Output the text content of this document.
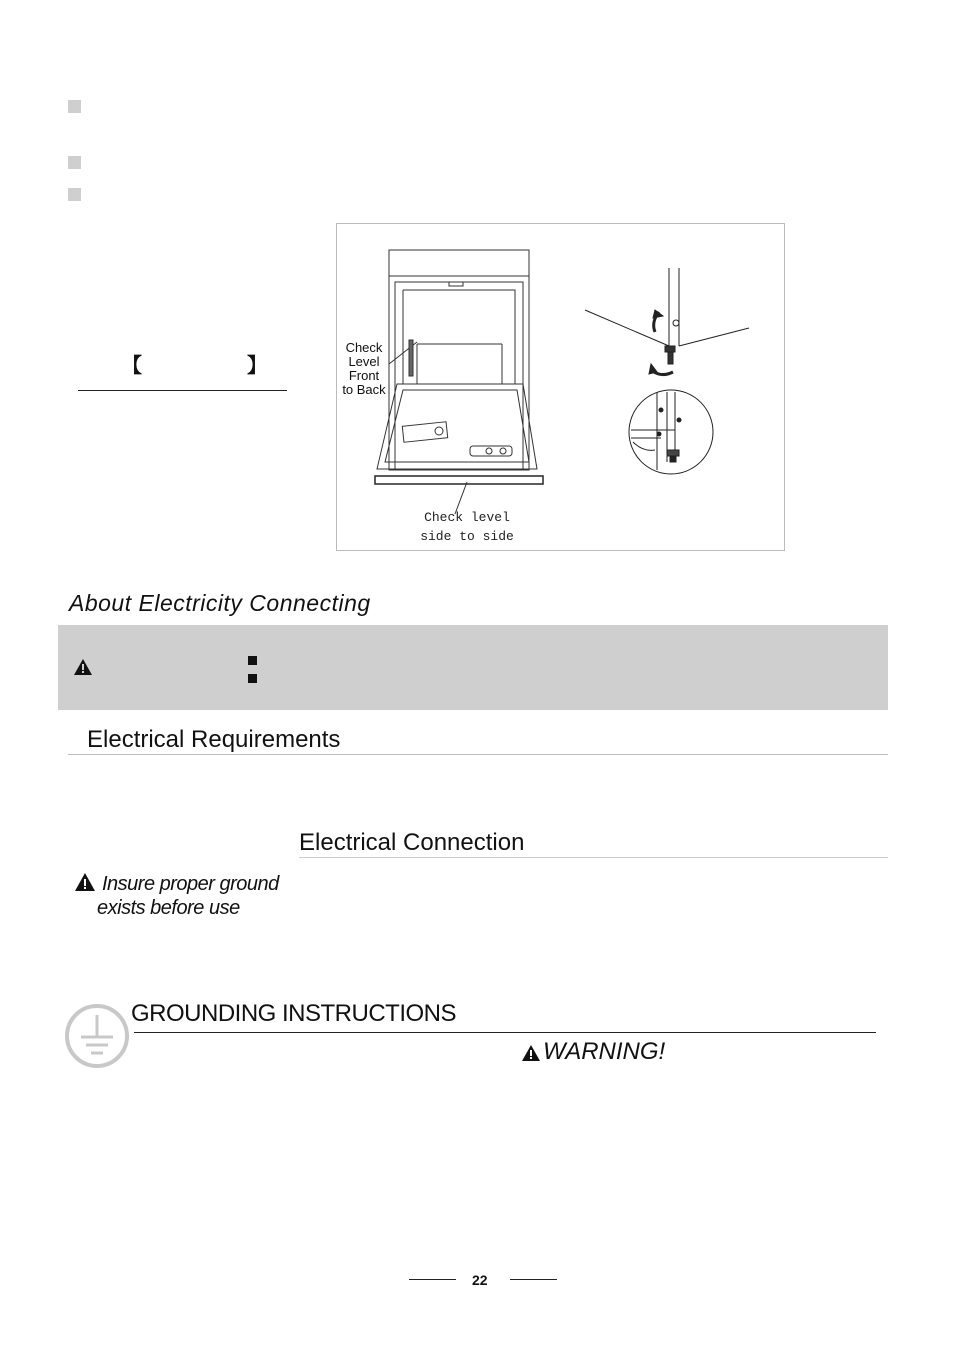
【	】
Check
Level
Front
to Back
Check level
side to side
About Electricity Connecting
Electrical Requirements
Electrical Connection
Insure proper ground
exists before use
GROUNDING INSTRUCTIONS
WARNING!
22
